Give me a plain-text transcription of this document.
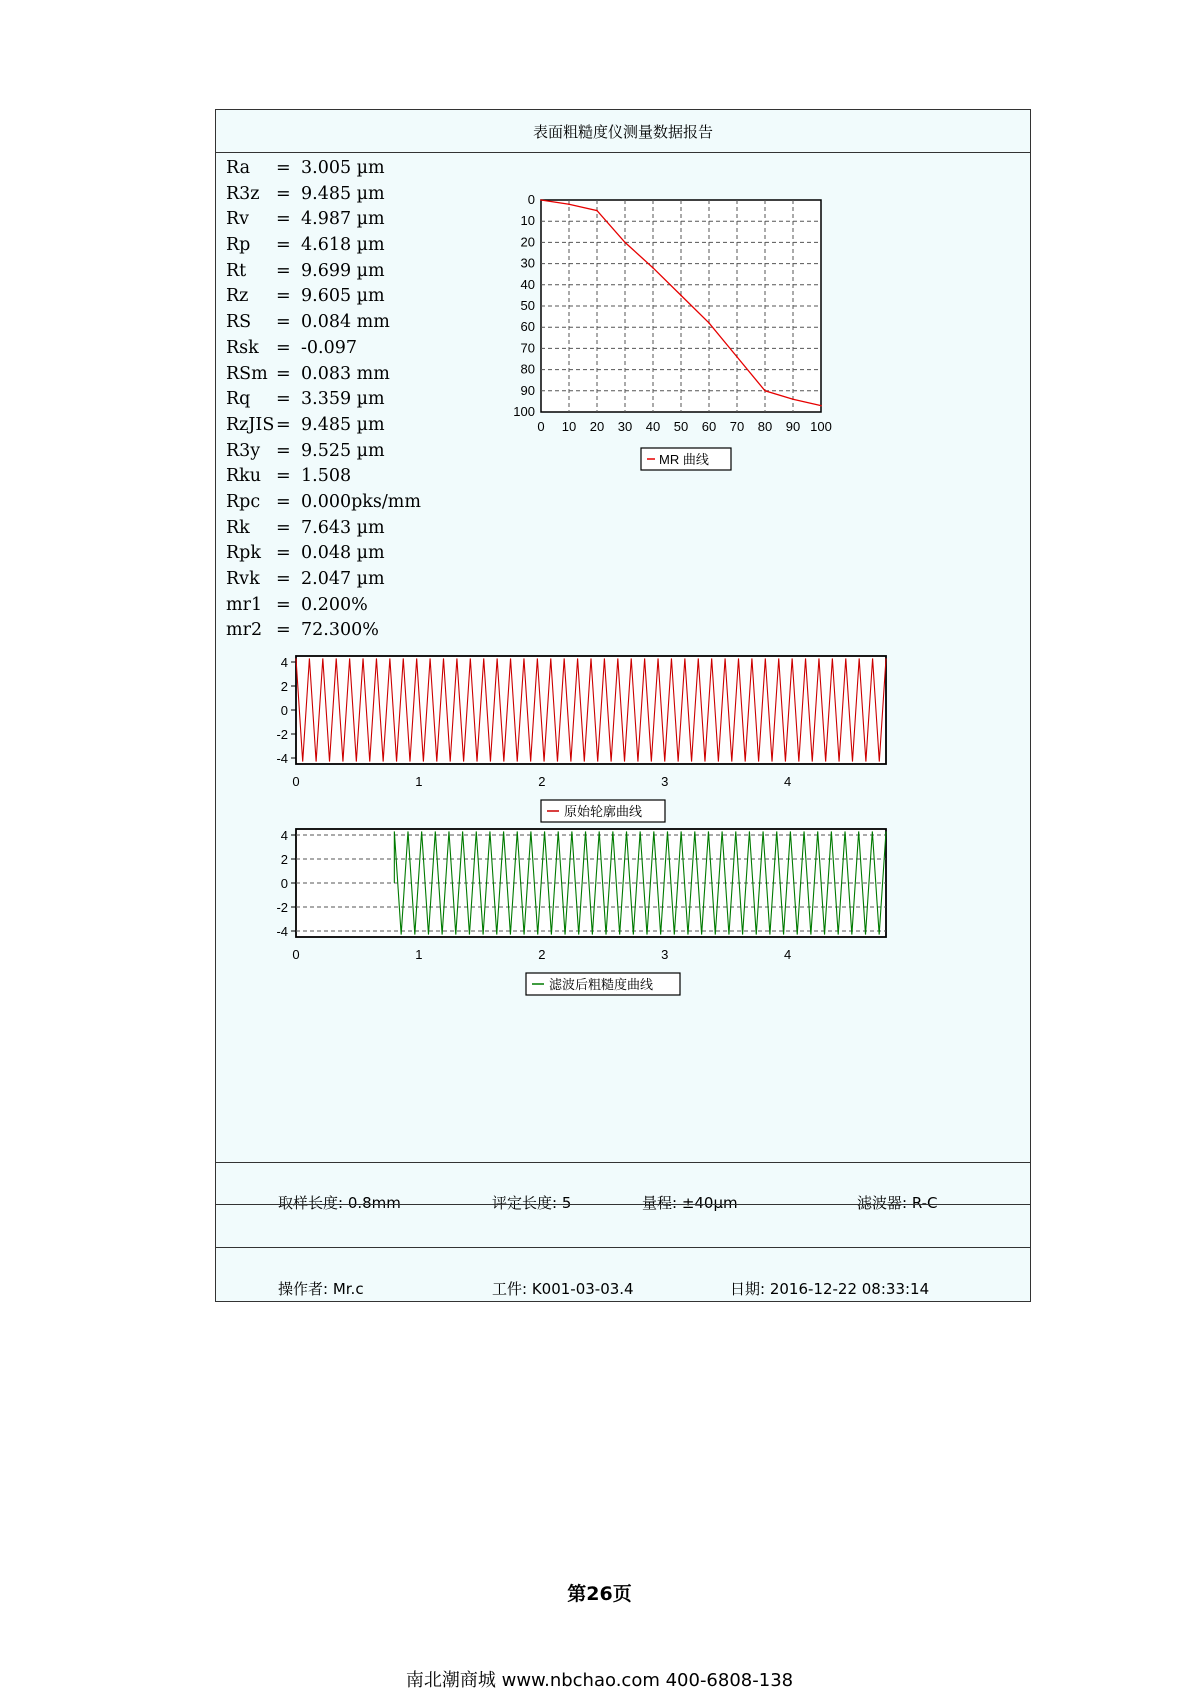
表面粗糙度仪测量数据报告
Ra = 3.005 µm
R3z = 9.485 µm
Rv = 4.987 µm
Rp = 4.618 µm
Rt = 9.699 µm
Rz = 9.605 µm
RS = 0.084 mm
Rsk = -0.097
RSm = 0.083 mm
Rq = 3.359 µm
RzJIS = 9.485 µm
R3y = 9.525 µm
Rku = 1.508
Rpc = 0.000pks/mm
Rk = 7.643 µm
Rpk = 0.048 µm
Rvk = 2.047 µm
mr1 = 0.200%
mr2 = 72.300%
0 10 20 30 40 50 60 70 80 90 100
0
10
20
30
40
50
60
70
80
90
100
MR 曲线
4
2
0
-2
-4
0	1	2	3	4
原始轮廓曲线
4
2
0
-2
-4
0	1	2	3	4
滤波后粗糙度曲线
取样长度: 0.8mm	评定长度: 5	量程: ±40µm	滤波器: R-C
操作者: Mr.c	工件: K001-03-03.4	日期: 2016-12-22 08:33:14
第26页
南北潮商城 www.nbchao.com 400-6808-138
